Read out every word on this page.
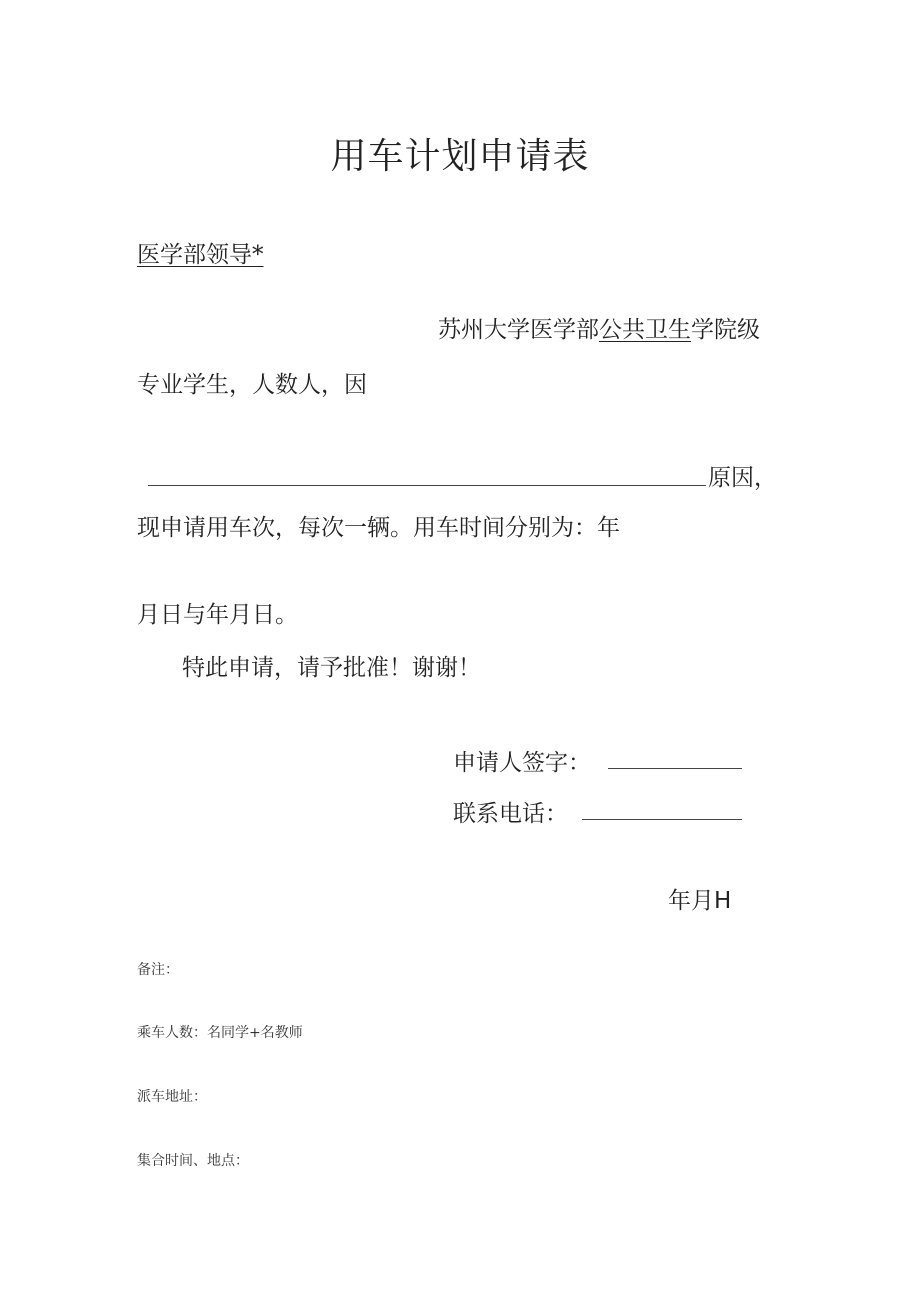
用车计划申请表
医学部领导*
苏州大学医学部公共卫生学院级
专业学生，人数人，因
原因，
现申请用车次，每次一辆。用车时间分别为：年
月日与年月日。
特此申请，请予批准！谢谢！
申请人签字：
联系电话：
年月H
备注：
乘车人数：名同学+名教师
派车地址：
集合时间、地点：
